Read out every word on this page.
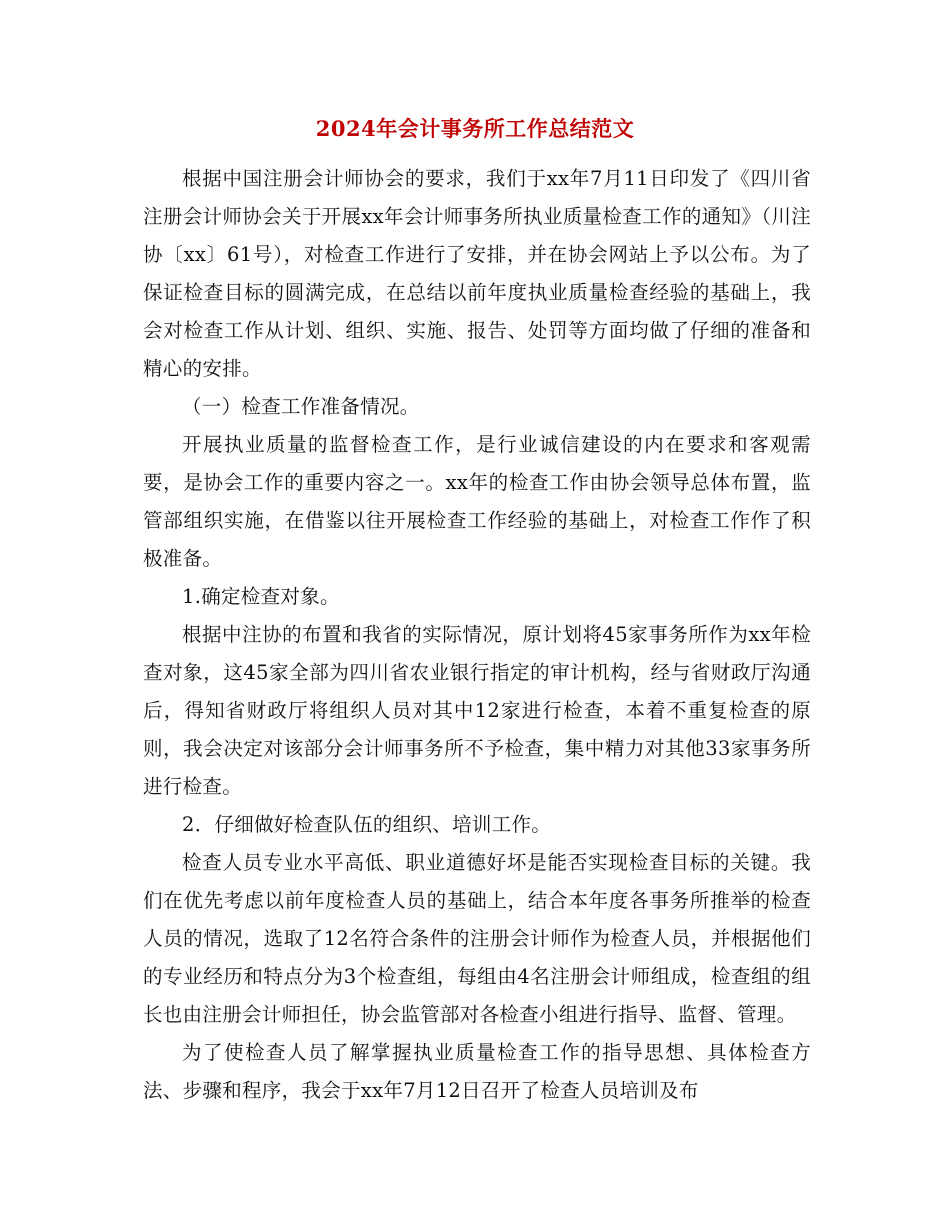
2024年会计事务所工作总结范文

根据中国注册会计师协会的要求，我们于xx年7月11日印发了《四川省注册会计师协会关于开展xx年会计师事务所执业质量检查工作的通知》（川注协〔xx〕61号），对检查工作进行了安排，并在协会网站上予以公布。为了保证检查目标的圆满完成，在总结以前年度执业质量检查经验的基础上，我会对检查工作从计划、组织、实施、报告、处罚等方面均做了仔细的准备和精心的安排。

（一）检查工作准备情况。

开展执业质量的监督检查工作，是行业诚信建设的内在要求和客观需要，是协会工作的重要内容之一。xx年的检查工作由协会领导总体布置，监管部组织实施，在借鉴以往开展检查工作经验的基础上，对检查工作作了积极准备。

1.确定检查对象。

根据中注协的布置和我省的实际情况，原计划将45家事务所作为xx年检查对象，这45家全部为四川省农业银行指定的审计机构，经与省财政厅沟通后，得知省财政厅将组织人员对其中12家进行检查，本着不重复检查的原则，我会决定对该部分会计师事务所不予检查，集中精力对其他33家事务所进行检查。

2．仔细做好检查队伍的组织、培训工作。

检查人员专业水平高低、职业道德好坏是能否实现检查目标的关键。我们在优先考虑以前年度检查人员的基础上，结合本年度各事务所推举的检查人员的情况，选取了12名符合条件的注册会计师作为检查人员，并根据他们的专业经历和特点分为3个检查组，每组由4名注册会计师组成，检查组的组长也由注册会计师担任，协会监管部对各检查小组进行指导、监督、管理。

为了使检查人员了解掌握执业质量检查工作的指导思想、具体检查方法、步骤和程序，我会于xx年7月12日召开了检查人员培训及布
